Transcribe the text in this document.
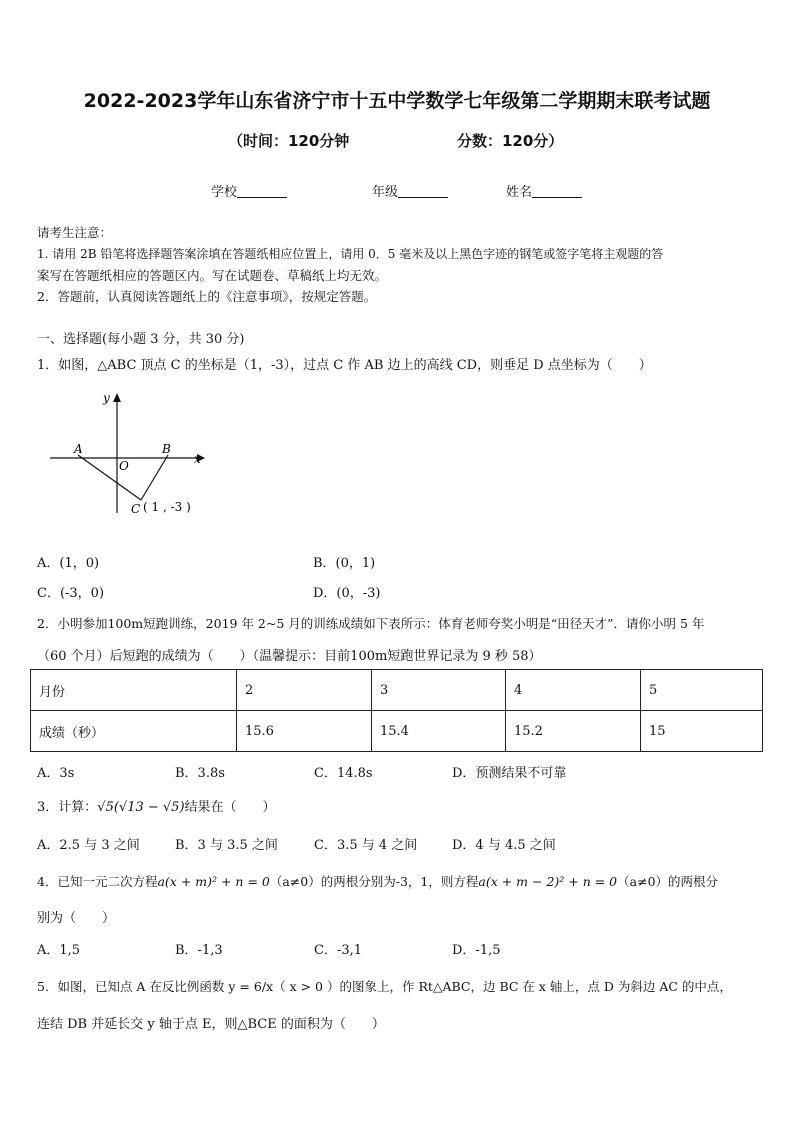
2022-2023学年山东省济宁市十五中学数学七年级第二学期期末联考试题
（时间：120分钟	分数：120分）
学校	年级	姓名
请考生注意：
1. 请用 2B 铅笔将选择题答案涂填在答题纸相应位置上，请用 0．5 毫米及以上黑色字迹的钢笔或签字笔将主观题的答
案写在答题纸相应的答题区内。写在试题卷、草稿纸上均无效。
2．答题前，认真阅读答题纸上的《注意事项》，按规定答题。
一、选择题(每小题 3 分，共 30 分)
1．如图，△ABC 顶点 C 的坐标是（1，-3），过点 C 作 AB 边上的高线 CD，则垂足 D 点坐标为（　　）
y
x
A	B
O
C ( 1 , -3 )
A．(1，0)	B．(0，1)
C．(-3，0)	D．(0，-3)
2．小明参加100m短跑训练，2019 年 2~5 月的训练成绩如下表所示：体育老师夸奖小明是“田径天才”．请你小明 5 年
（60 个月）后短跑的成绩为（　　）（温馨提示：目前100m短跑世界记录为 9 秒 58）
月份	2	3	4	5
成绩（秒）	15.6	15.4	15.2	15
A．3s	B．3.8s	C．14.8s	D．预测结果不可靠
3．计算：√5(√13 − √5)结果在（　　）
A．2.5 与 3 之间	B．3 与 3.5 之间	C．3.5 与 4 之间	D．4 与 4.5 之间
4．已知一元二次方程a(x + m)² + n = 0（a≠0）的两根分别为-3，1，则方程a(x + m − 2)² + n = 0（a≠0）的两根分
别为（　　）
A．1,5	B．-1,3	C．-3,1	D．-1,5
5．如图，已知点 A 在反比例函数 y = 6/x（ x > 0 ）的图象上，作 Rt△ABC，边 BC 在 x 轴上，点 D 为斜边 AC 的中点，
连结 DB 并延长交 y 轴于点 E，则△BCE 的面积为（　　）
